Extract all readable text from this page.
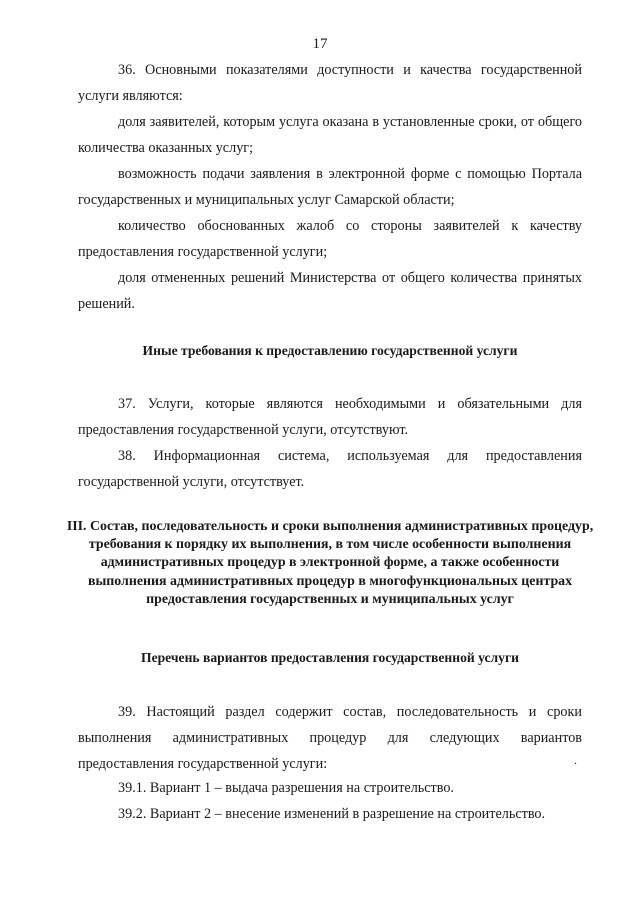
17

36. Основными показателями доступности и качества государственной услуги являются:

доля заявителей, которым услуга оказана в установленные сроки, от общего количества оказанных услуг;

возможность подачи заявления в электронной форме с помощью Портала государственных и муниципальных услуг Самарской области;

количество обоснованных жалоб со стороны заявителей к качеству предоставления государственной услуги;

доля отмененных решений Министерства от общего количества принятых решений.

Иные требования к предоставлению государственной услуги

37. Услуги, которые являются необходимыми и обязательными для предоставления государственной услуги, отсутствуют.

38. Информационная система, используемая для предоставления государственной услуги, отсутствует.

III. Состав, последовательность и сроки выполнения административных процедур, требования к порядку их выполнения, в том числе особенности выполнения административных процедур в электронной форме, а также особенности выполнения административных процедур в многофункциональных центрах предоставления государственных и муниципальных услуг
Перечень вариантов предоставления государственной услуги

39. Настоящий раздел содержит состав, последовательность и сроки выполнения административных процедур для следующих вариантов предоставления государственной услуги:

39.1. Вариант 1 – выдача разрешения на строительство.

39.2. Вариант 2 – внесение изменений в разрешение на строительство.

.
